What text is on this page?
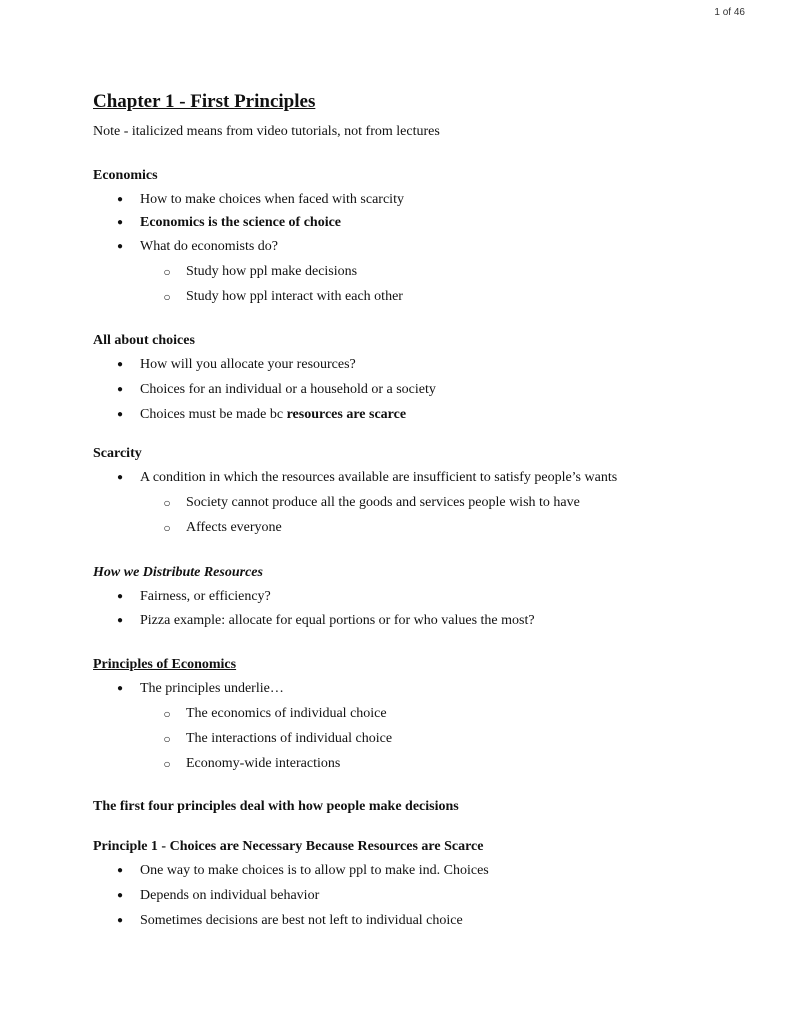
1 of 46
Chapter 1 - First Principles
Note - italicized means from video tutorials, not from lectures
Economics
● How to make choices when faced with scarcity
● Economics is the science of choice
● What do economists do?
○ Study how ppl make decisions
○ Study how ppl interact with each other
All about choices
● How will you allocate your resources?
● Choices for an individual or a household or a society
● Choices must be made bc resources are scarce
Scarcity
● A condition in which the resources available are insufficient to satisfy people’s wants
○ Society cannot produce all the goods and services people wish to have
○ Affects everyone
How we Distribute Resources
● Fairness, or efficiency?
● Pizza example: allocate for equal portions or for who values the most?
Principles of Economics
● The principles underlie…
○ The economics of individual choice
○ The interactions of individual choice
○ Economy-wide interactions
The first four principles deal with how people make decisions
Principle 1 - Choices are Necessary Because Resources are Scarce
● One way to make choices is to allow ppl to make ind. Choices
● Depends on individual behavior
● Sometimes decisions are best not left to individual choice
